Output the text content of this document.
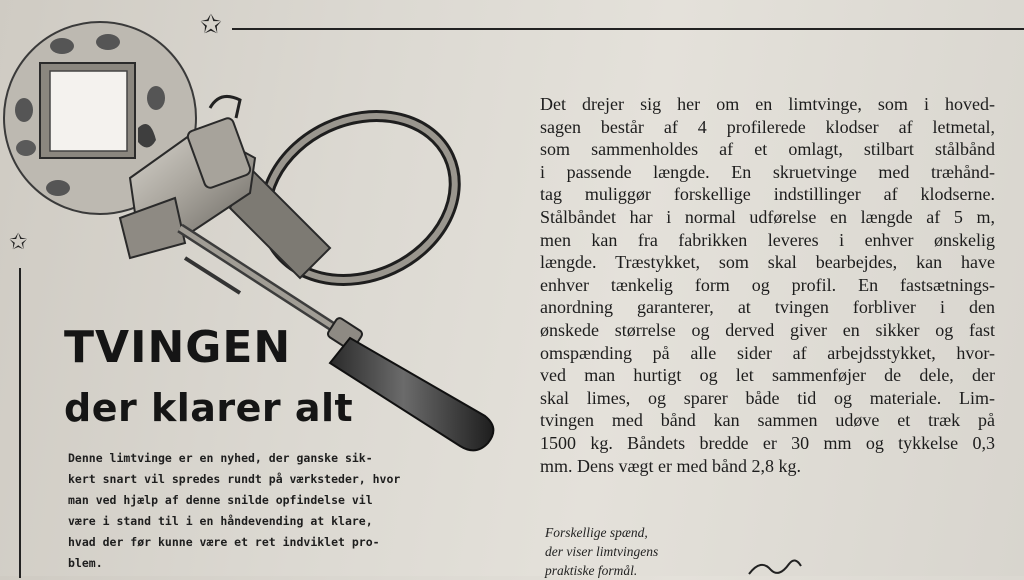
✩
✩
TVINGEN
der klarer alt
Denne limtvinge er en nyhed, der ganske sik-
kert snart vil spredes rundt på værksteder, hvor
man ved hjælp af denne snilde opfindelse vil
være i stand til i en håndevending at klare,
hvad der før kunne være et ret indviklet pro-
blem.
Det drejer sig her om en limtvinge, som i hoved-
sagen består af 4 profilerede klodser af letmetal,
som sammenholdes af et omlagt, stilbart stålbånd
i passende længde. En skruetvinge med træhånd-
tag muliggør forskellige indstillinger af klodserne.
Stålbåndet har i normal udførelse en længde af 5 m,
men kan fra fabrikken leveres i enhver ønskelig
længde. Træstykket, som skal bearbejdes, kan have
enhver tænkelig form og profil. En fastsætnings-
anordning garanterer, at tvingen forbliver i den
ønskede størrelse og derved giver en sikker og fast
omspænding på alle sider af arbejdsstykket, hvor-
ved man hurtigt og let sammenføjer de dele, der
skal limes, og sparer både tid og materiale. Lim-
tvingen med bånd kan sammen udøve et træk på
1500 kg. Båndets bredde er 30 mm og tykkelse 0,3
mm. Dens vægt er med bånd 2,8 kg.
Forskellige spænd,
der viser limtvingens
praktiske formål.
